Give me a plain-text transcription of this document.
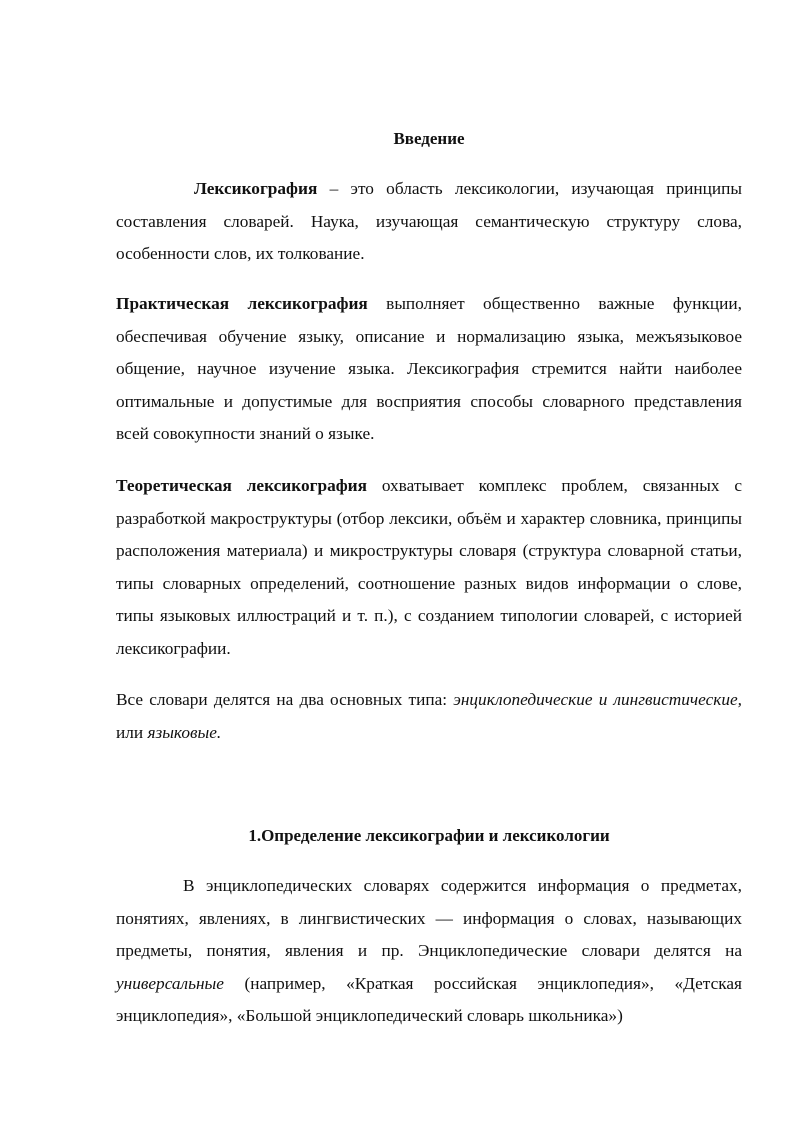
Введение

Лексикография – это область лексикологии, изучающая принципы составления словарей. Наука, изучающая семантическую структуру слова, особенности слов, их толкование.

Практическая лексикография выполняет общественно важные функции, обеспечивая обучение языку, описание и нормализацию языка, межъязыковое общение, научное изучение языка. Лексикография стремится найти наиболее оптимальные и допустимые для восприятия способы словарного представления всей совокупности знаний о языке.

Теоретическая лексикография охватывает комплекс проблем, связанных с разработкой макроструктуры (отбор лексики, объём и характер словника, принципы расположения материала) и микроструктуры словаря (структура словарной статьи, типы словарных определений, соотношение разных видов информации о слове, типы языковых иллюстраций и т. п.), с созданием типологии словарей, с историей лексикографии.

Все словари делятся на два основных типа: энциклопедические и лингвистические, или языковые.

1.Определение лексикографии и лексикологии

В энциклопедических словарях содержится информация о предметах, понятиях, явлениях, в лингвистических — информация о словах, называющих предметы, понятия, явления и пр. Энциклопедические словари делятся на универсальные (например, «Краткая российская энциклопедия», «Детская энциклопедия», «Большой энциклопедический словарь школьника»)
